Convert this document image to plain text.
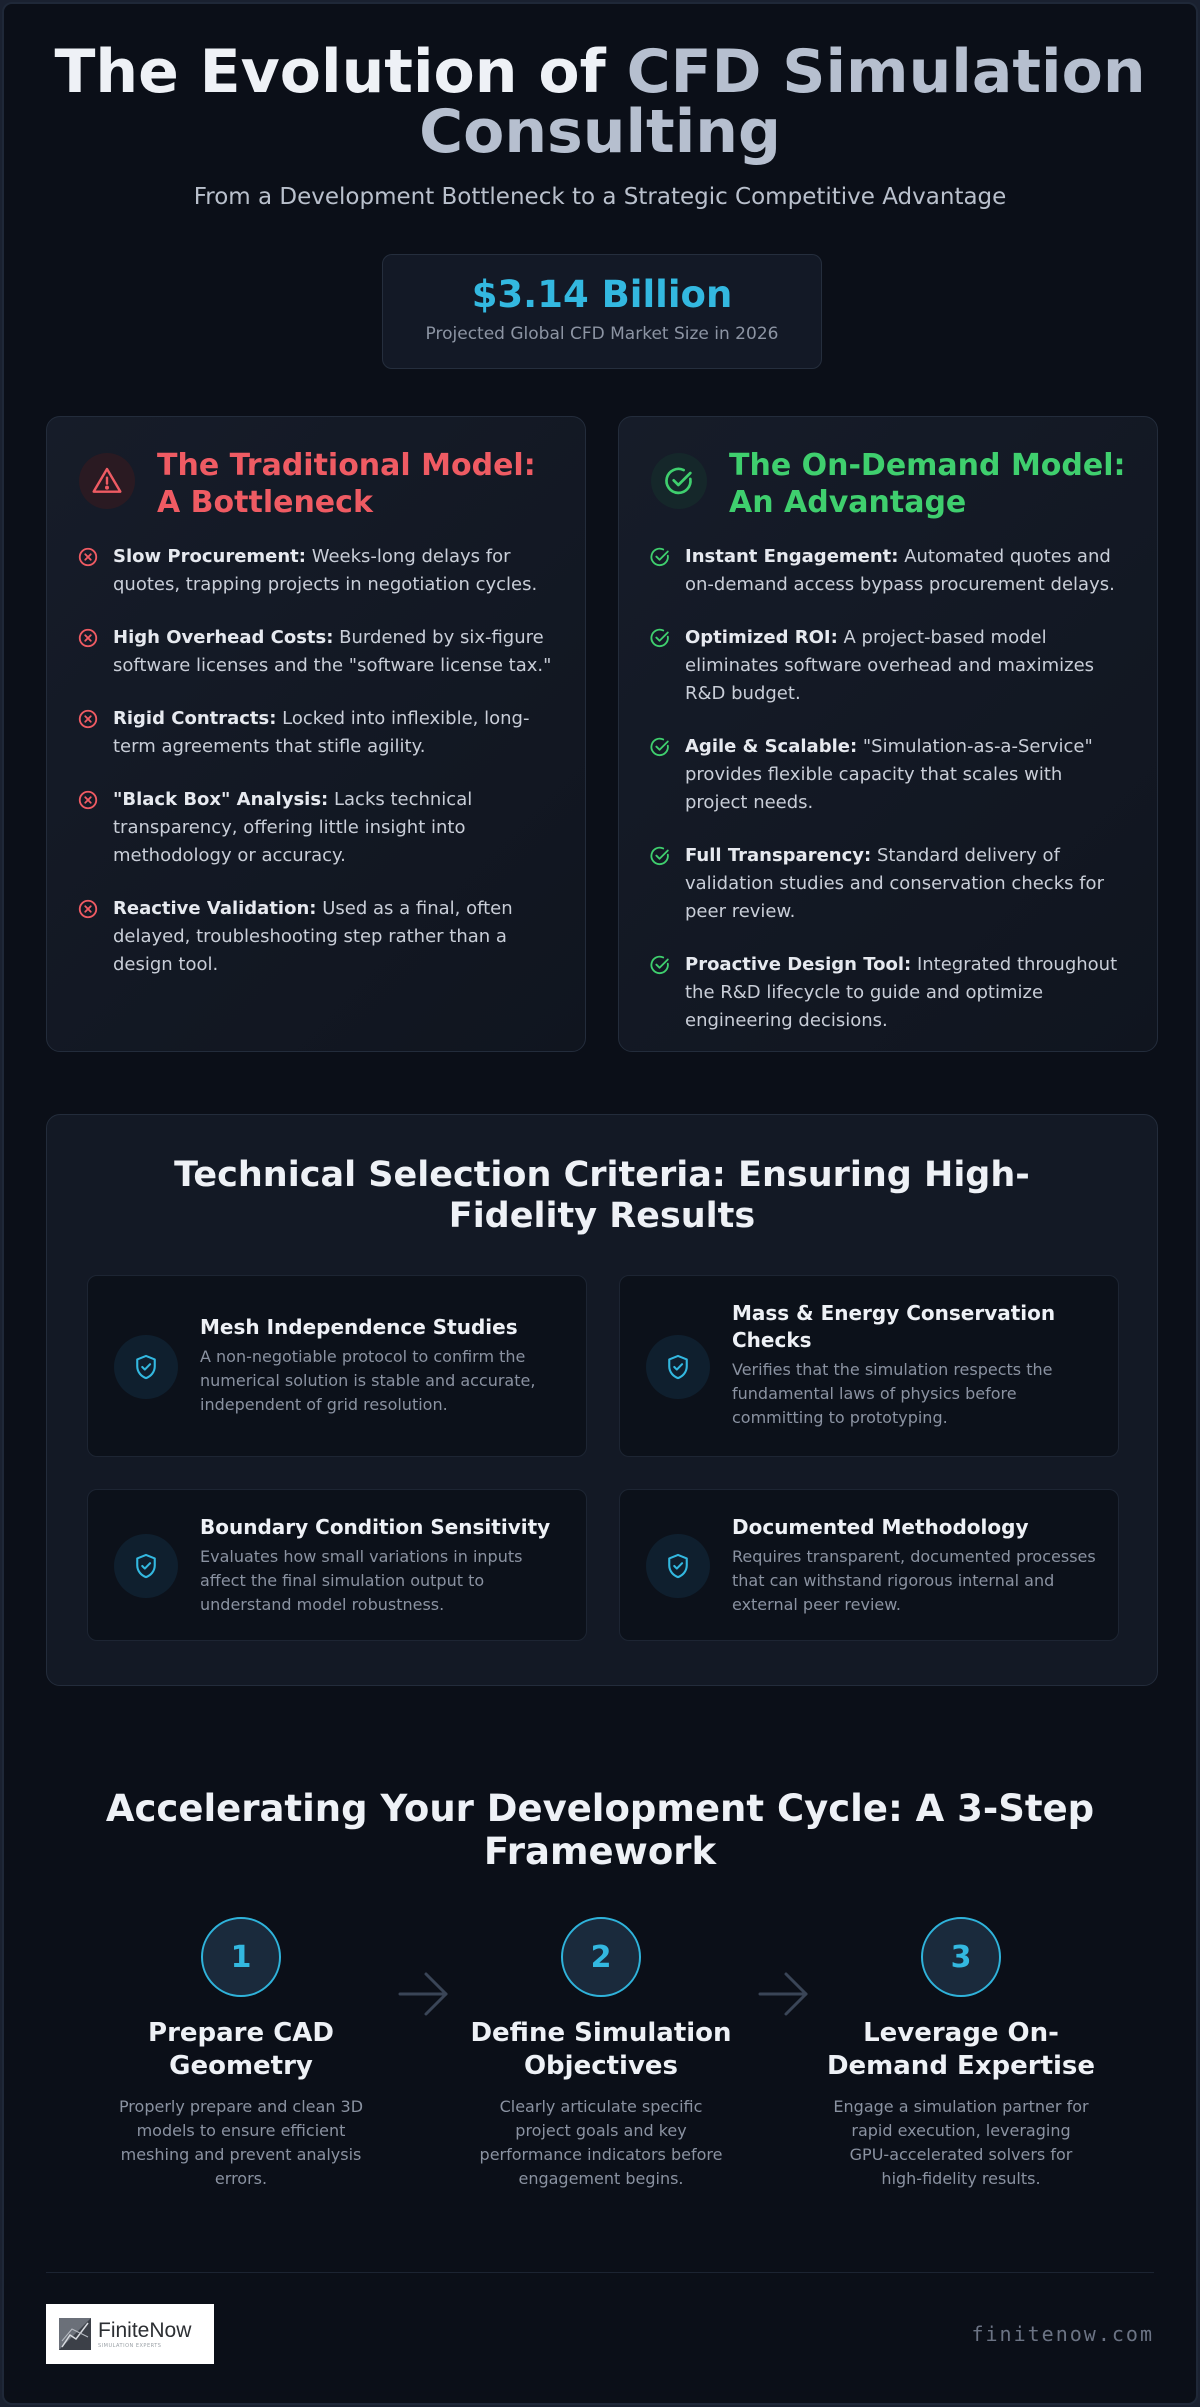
The Evolution of CFD Simulation Consulting
From a Development Bottleneck to a Strategic Competitive Advantage
$3.14 Billion
Projected Global CFD Market Size in 2026
The Traditional Model:
A Bottleneck
Slow Procurement: Weeks-long delays for quotes, trapping projects in negotiation cycles.
High Overhead Costs: Burdened by six-figure software licenses and the "software license tax."
Rigid Contracts: Locked into inflexible, long-term agreements that stifle agility.
"Black Box" Analysis: Lacks technical transparency, offering little insight into methodology or accuracy.
Reactive Validation: Used as a final, often delayed, troubleshooting step rather than a design tool.
The On-Demand Model:
An Advantage
Instant Engagement: Automated quotes and on-demand access bypass procurement delays.
Optimized ROI: A project-based model eliminates software overhead and maximizes R&D budget.
Agile & Scalable: "Simulation-as-a-Service" provides flexible capacity that scales with project needs.
Full Transparency: Standard delivery of validation studies and conservation checks for peer review.
Proactive Design Tool: Integrated throughout the R&D lifecycle to guide and optimize engineering decisions.
Technical Selection Criteria: Ensuring High-Fidelity Results
Mesh Independence Studies
A non-negotiable protocol to confirm the numerical solution is stable and accurate, independent of grid resolution.
Mass & Energy Conservation Checks
Verifies that the simulation respects the fundamental laws of physics before committing to prototyping.
Boundary Condition Sensitivity
Evaluates how small variations in inputs affect the final simulation output to understand model robustness.
Documented Methodology
Requires transparent, documented processes that can withstand rigorous internal and external peer review.
Accelerating Your Development Cycle: A 3-Step Framework
1
Prepare CAD Geometry
Properly prepare and clean 3D models to ensure efficient meshing and prevent analysis errors.
2
Define Simulation Objectives
Clearly articulate specific project goals and key performance indicators before engagement begins.
3
Leverage On-Demand Expertise
Engage a simulation partner for rapid execution, leveraging GPU-accelerated solvers for high-fidelity results.
FiniteNow
SIMULATION EXPERTS	finitenow.com
